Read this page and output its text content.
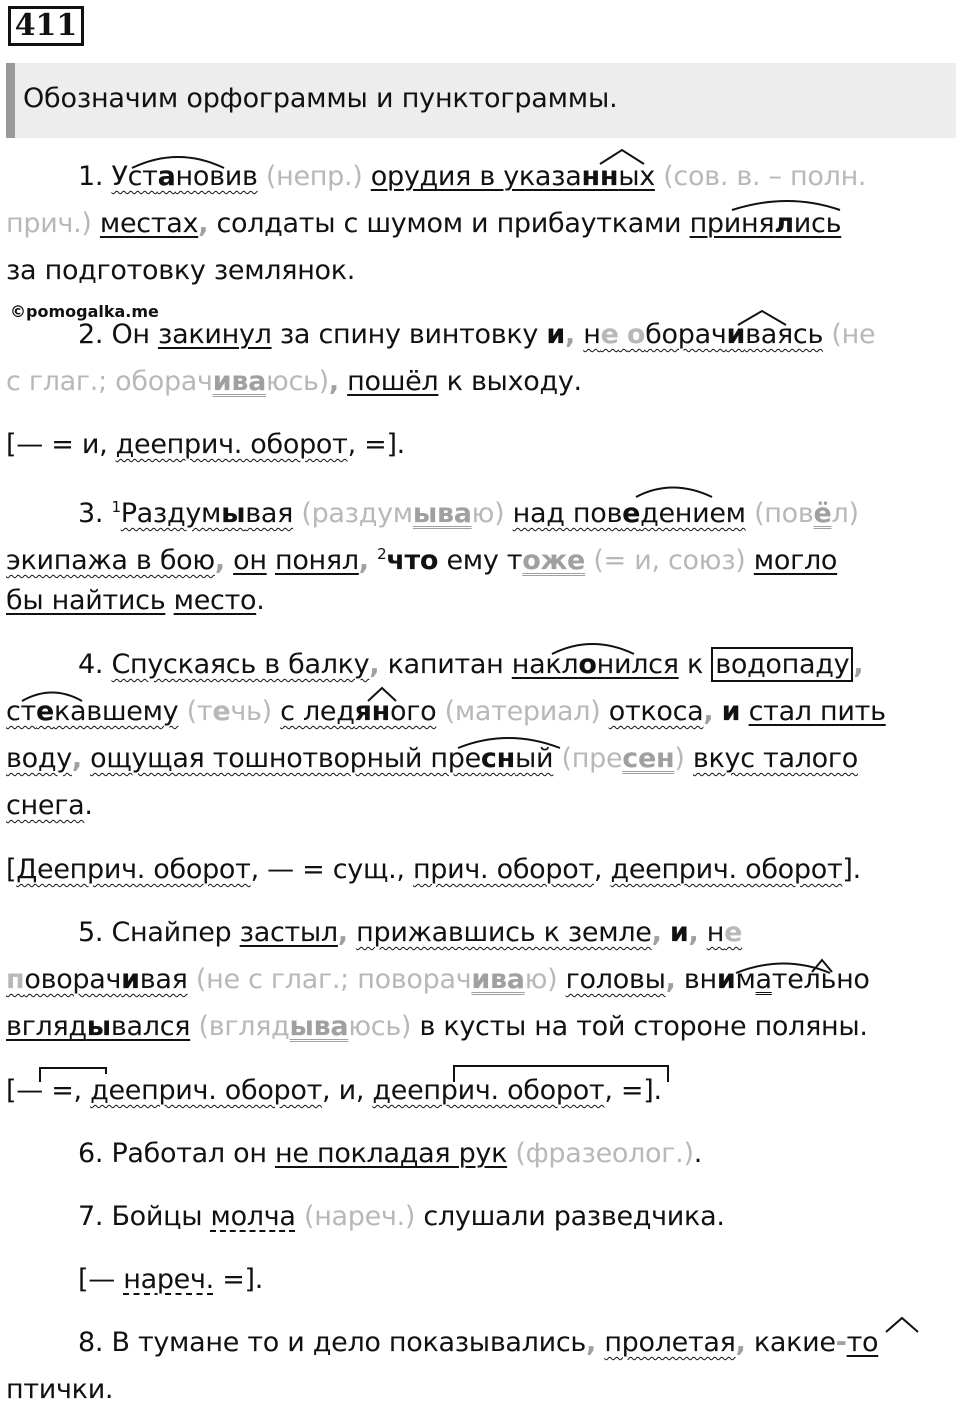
411
Обозначим орфограммы и пунктограммы.
©pomogalka.me
1. Установив (непр.) орудия в указанных (сов. в. – полн.
прич.) местах, солдаты с шумом и прибаутками принялись
за подготовку землянок.
2. Он закинул за спину винтовку и, не оборачиваясь (не
с глаг.; оборачиваюсь), пошёл к выходу.
[— = и, дееприч. оборот, =].
3. $^1$Раздумывая (раздумываю) над поведением (повёл)
экипажа в бою, он понял, $^2$что ему тоже (= и, союз) могло
бы найтись место.
4. Спускаясь в балку, капитан наклонился к водопаду ,
стекавшему (течь) с ледяного (материал) откоса, и стал пить
воду, ощущая тошнотворный пресный (пресен) вкус талого
снега.
[Дееприч. оборот, — = сущ., прич. оборот, дееприч. оборот].
5. Снайпер застыл, прижавшись к земле, и, не
поворачивая (не с глаг.; поворачиваю) головы, внимательно
вглядывался (вглядываюсь) в кусты на той стороне поляны.
[— =, дееприч. оборот, и, дееприч. оборот, =].
6. Работал он не покладая рук (фразеолог.).
7. Бойцы молча (нареч.) слушали разведчика.
[— нареч. =].
8. В тумане то и дело показывались, пролетая, какие-то
птички.
